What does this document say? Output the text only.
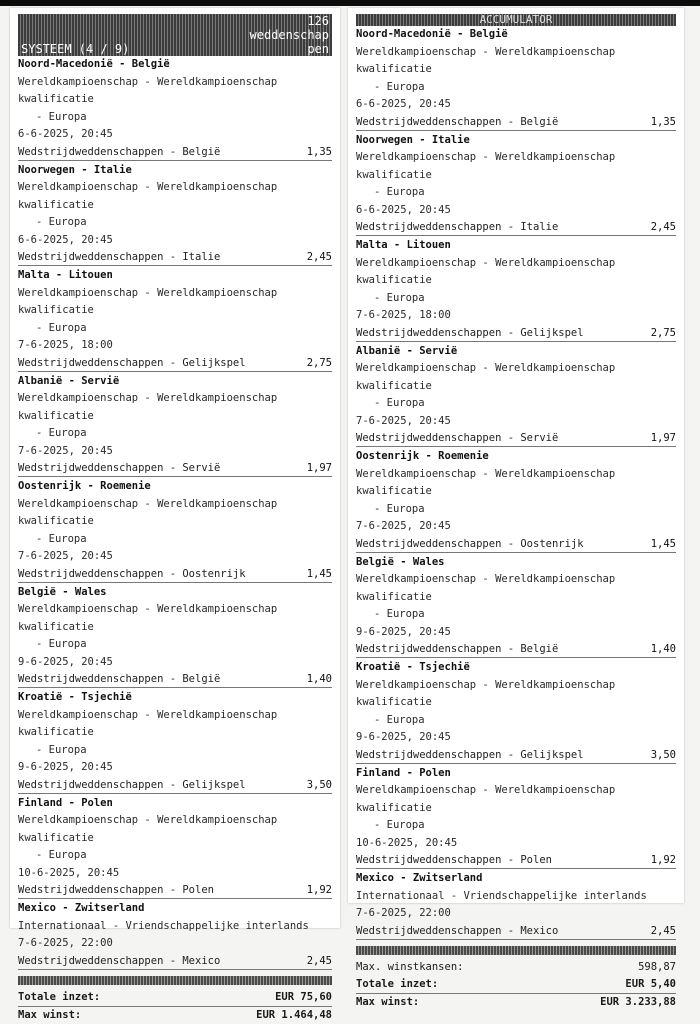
126
weddenschap
SYSTEEM (4 / 9)	pen
Noord-Macedonië - België
Wereldkampioenschap - Wereldkampioenschap kwalificatie
- Europa
6-6-2025, 20:45
Wedstrijdweddenschappen - België	1,35
Noorwegen - Italie
Wereldkampioenschap - Wereldkampioenschap kwalificatie
- Europa
6-6-2025, 20:45
Wedstrijdweddenschappen - Italie	2,45
Malta - Litouen
Wereldkampioenschap - Wereldkampioenschap kwalificatie
- Europa
7-6-2025, 18:00
Wedstrijdweddenschappen - Gelijkspel	2,75
Albanië - Servië
Wereldkampioenschap - Wereldkampioenschap kwalificatie
- Europa
7-6-2025, 20:45
Wedstrijdweddenschappen - Servië	1,97
Oostenrijk - Roemenie
Wereldkampioenschap - Wereldkampioenschap kwalificatie
- Europa
7-6-2025, 20:45
Wedstrijdweddenschappen - Oostenrijk	1,45
België - Wales
Wereldkampioenschap - Wereldkampioenschap kwalificatie
- Europa
9-6-2025, 20:45
Wedstrijdweddenschappen - België	1,40
Kroatië - Tsjechië
Wereldkampioenschap - Wereldkampioenschap kwalificatie
- Europa
9-6-2025, 20:45
Wedstrijdweddenschappen - Gelijkspel	3,50
Finland - Polen
Wereldkampioenschap - Wereldkampioenschap kwalificatie
- Europa
10-6-2025, 20:45
Wedstrijdweddenschappen - Polen	1,92
Mexico - Zwitserland
Internationaal - Vriendschappelijke interlands
7-6-2025, 22:00
Wedstrijdweddenschappen - Mexico	2,45
Totale inzet:	EUR 75,60
Max winst:	EUR 1.464,48
ACCUMULATOR
Noord-Macedonië - België
Wereldkampioenschap - Wereldkampioenschap kwalificatie
- Europa
6-6-2025, 20:45
Wedstrijdweddenschappen - België	1,35
Noorwegen - Italie
Wereldkampioenschap - Wereldkampioenschap kwalificatie
- Europa
6-6-2025, 20:45
Wedstrijdweddenschappen - Italie	2,45
Malta - Litouen
Wereldkampioenschap - Wereldkampioenschap kwalificatie
- Europa
7-6-2025, 18:00
Wedstrijdweddenschappen - Gelijkspel	2,75
Albanië - Servië
Wereldkampioenschap - Wereldkampioenschap kwalificatie
- Europa
7-6-2025, 20:45
Wedstrijdweddenschappen - Servië	1,97
Oostenrijk - Roemenie
Wereldkampioenschap - Wereldkampioenschap kwalificatie
- Europa
7-6-2025, 20:45
Wedstrijdweddenschappen - Oostenrijk	1,45
België - Wales
Wereldkampioenschap - Wereldkampioenschap kwalificatie
- Europa
9-6-2025, 20:45
Wedstrijdweddenschappen - België	1,40
Kroatië - Tsjechië
Wereldkampioenschap - Wereldkampioenschap kwalificatie
- Europa
9-6-2025, 20:45
Wedstrijdweddenschappen - Gelijkspel	3,50
Finland - Polen
Wereldkampioenschap - Wereldkampioenschap kwalificatie
- Europa
10-6-2025, 20:45
Wedstrijdweddenschappen - Polen	1,92
Mexico - Zwitserland
Internationaal - Vriendschappelijke interlands
7-6-2025, 22:00
Wedstrijdweddenschappen - Mexico	2,45
Max. winstkansen:	598,87
Totale inzet:	EUR 5,40
Max winst:	EUR 3.233,88
